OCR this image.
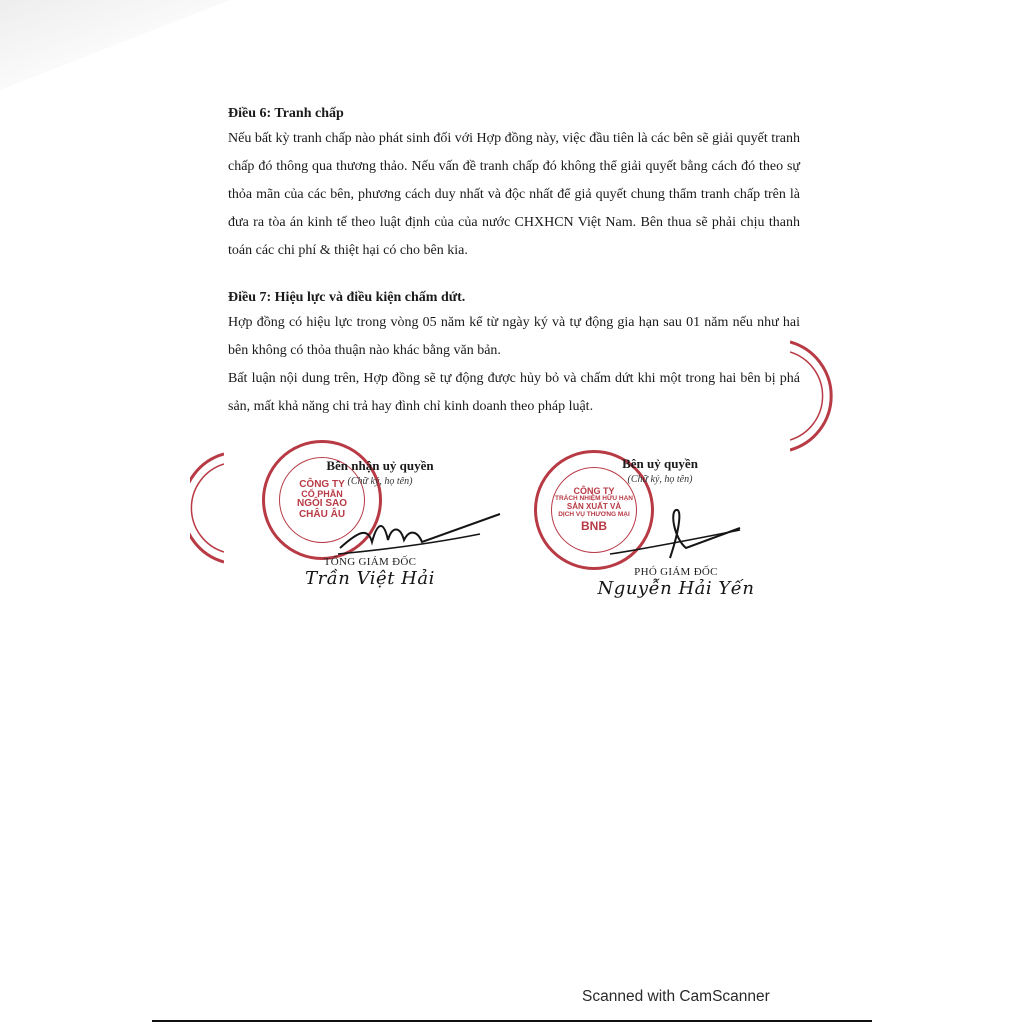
Điều 6: Tranh chấp

Nếu bất kỳ tranh chấp nào phát sinh đối với Hợp đồng này, việc đầu tiên là các bên sẽ giải quyết tranh chấp đó thông qua thương thảo. Nếu vấn đề tranh chấp đó không thể giải quyết bằng cách đó theo sự thỏa mãn của các bên, phương cách duy nhất và độc nhất để giả quyết chung thẩm tranh chấp trên là đưa ra tòa án kinh tế theo luật định của của nước CHXHCN Việt Nam. Bên thua sẽ phải chịu thanh toán các chi phí & thiệt hại có cho bên kia.

Điều 7: Hiệu lực và điều kiện chấm dứt.

Hợp đồng có hiệu lực trong vòng 05 năm kể từ ngày ký và tự động gia hạn sau 01 năm nếu như hai bên không có thỏa thuận nào khác bằng văn bản.

Bất luận nội dung trên, Hợp đồng sẽ tự động được hủy bỏ và chấm dứt khi một trong hai bên bị phá sản, mất khả năng chi trả hay đình chỉ kinh doanh theo pháp luật.

CÔNG TY
CỔ PHẦN
NGÔI SAO
CHÂU ÂU
Bên nhận uỷ quyền
(Chữ ký, họ tên)
TỔNG GIÁM ĐỐC
Trần Việt Hải
CÔNG TY
TRÁCH NHIỆM HỮU HẠN
SẢN XUẤT VÀ
DỊCH VỤ THƯƠNG MẠI
BNB
Bên uỷ quyền
(Chữ ký, họ tên)
PHÓ GIÁM ĐỐC
Nguyễn Hải Yến
Scanned with CamScanner
